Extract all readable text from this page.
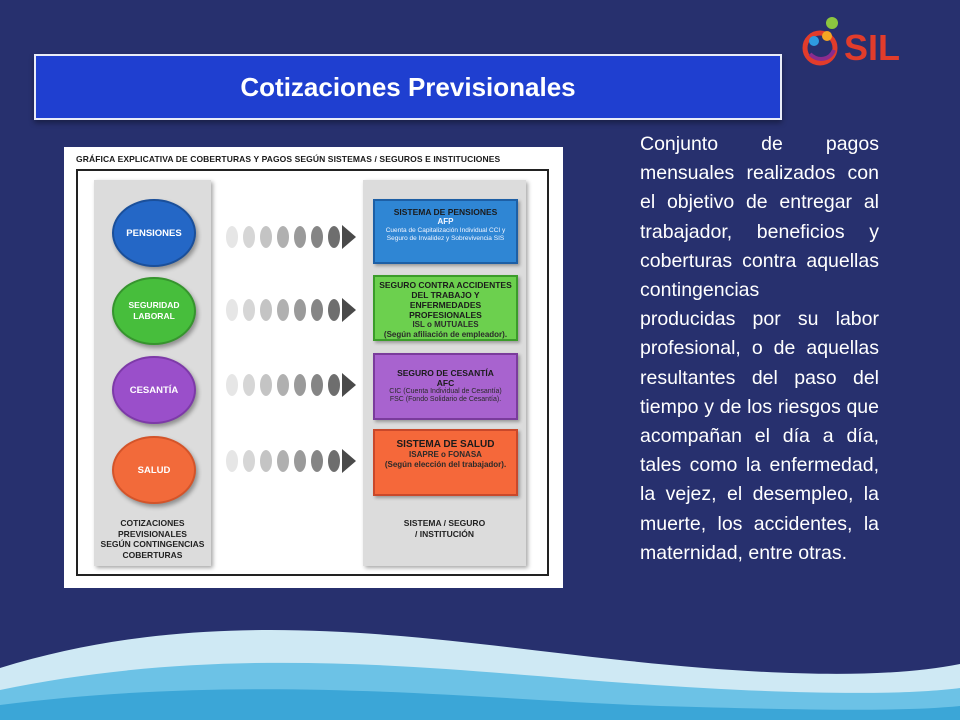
SIL
Cotizaciones Previsionales
GRÁFICA EXPLICATIVA DE COBERTURAS Y PAGOS SEGÚN SISTEMAS / SEGUROS E INSTITUCIONES
PENSIONES
SEGURIDAD LABORAL
CESANTÍA
SALUD
SISTEMA DE PENSIONES
AFP
Cuenta de Capitalización Individual CCI y
Seguro de Invalidez y Sobrevivencia SIS
SEGURO CONTRA ACCIDENTES
DEL TRABAJO Y ENFERMEDADES
PROFESIONALES
ISL o MUTUALES
(Según afiliación de empleador).
SEGURO DE CESANTÍA
AFC
CIC (Cuenta Individual de Cesantía)
FSC (Fondo Solidario de Cesantía).
SISTEMA DE SALUD
ISAPRE o FONASA
(Según elección del trabajador).
COTIZACIONES
PREVISIONALES
SEGÚN CONTINGENCIAS
COBERTURAS
SISTEMA / SEGURO
/ INSTITUCIÓN
Conjunto de pagos mensuales realizados con el objetivo de entregar al trabajador, beneficios y coberturas contra aquellas contingencias
producidas por su labor profesional, o de aquellas resultantes del paso del tiempo y de los riesgos que acompañan el día a día, tales como la enfermedad, la vejez, el desempleo, la muerte, los accidentes, la maternidad, entre otras.
